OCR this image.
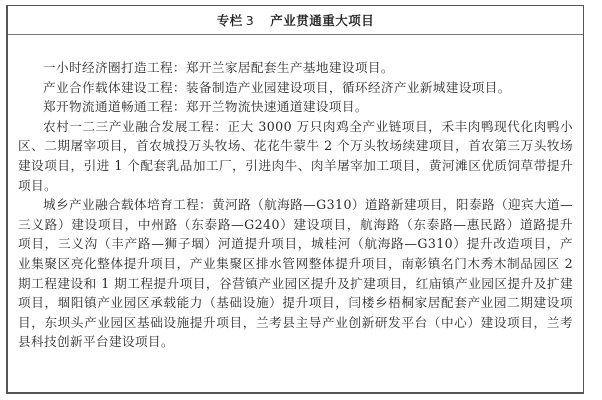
专栏 3 产业贯通重大项目

一小时经济圈打造工程：郑开兰家居配套生产基地建设项目。

产业合作载体建设工程：装备制造产业园建设项目，循环经济产业新城建设项目。

郑开物流通道畅通工程：郑开兰物流快速通道建设项目。

农村一二三产业融合发展工程：正大 3000 万只肉鸡全产业链项目，禾丰肉鸭现代化肉鸭小区、二期屠宰项目，首农城投万头牧场、花花牛蒙牛 2 个万头牧场续建项目，首农第三万头牧场建设项目，引进 1 个配套乳品加工厂，引进肉牛、肉羊屠宰加工项目，黄河滩区优质饲草带提升项目。

城乡产业融合载体培育工程：黄河路（航海路—G310）道路新建项目，阳泰路（迎宾大道—三义路）建设项目，中州路（东泰路—G240）建设项目，航海路（东泰路—惠民路）道路提升项目，三义沟（丰产路—狮子堌）河道提升项目，城桂河（航海路—G310）提升改造项目，产业集聚区亮化整体提升项目，产业集聚区排水管网整体提升项目，南彰镇名门木秀木制品园区 2 期工程建设和 1 期工程提升项目，谷营镇产业园区提升及扩建项目，红庙镇产业园区提升及扩建项目，堌阳镇产业园区承载能力（基础设施）提升项目，闫楼乡梧桐家居配套产业园二期建设项目，东坝头产业园区基础设施提升项目，兰考县主导产业创新研发平台（中心）建设项目，兰考县科技创新平台建设项目。
